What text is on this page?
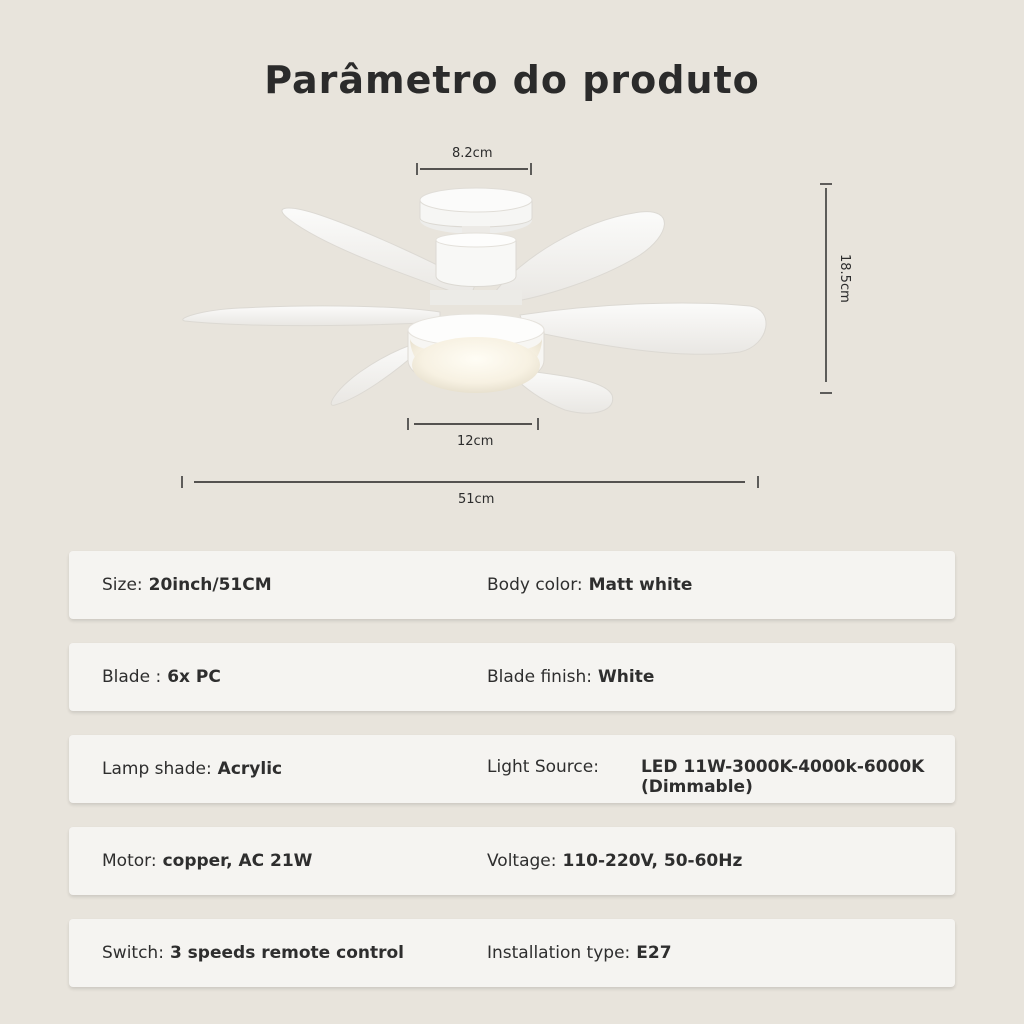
Parâmetro do produto
8.2cm
18.5cm
12cm
51cm
Size: 20inch/51CM	Body color: Matt white
Blade : 6x PC	Blade finish: White
Lamp shade: Acrylic	Light Source: LED 11W-3000K-4000k-6000K (Dimmable)
Motor: copper, AC 21W	Voltage: 110-220V, 50-60Hz
Switch: 3 speeds remote control	Installation type: E27
